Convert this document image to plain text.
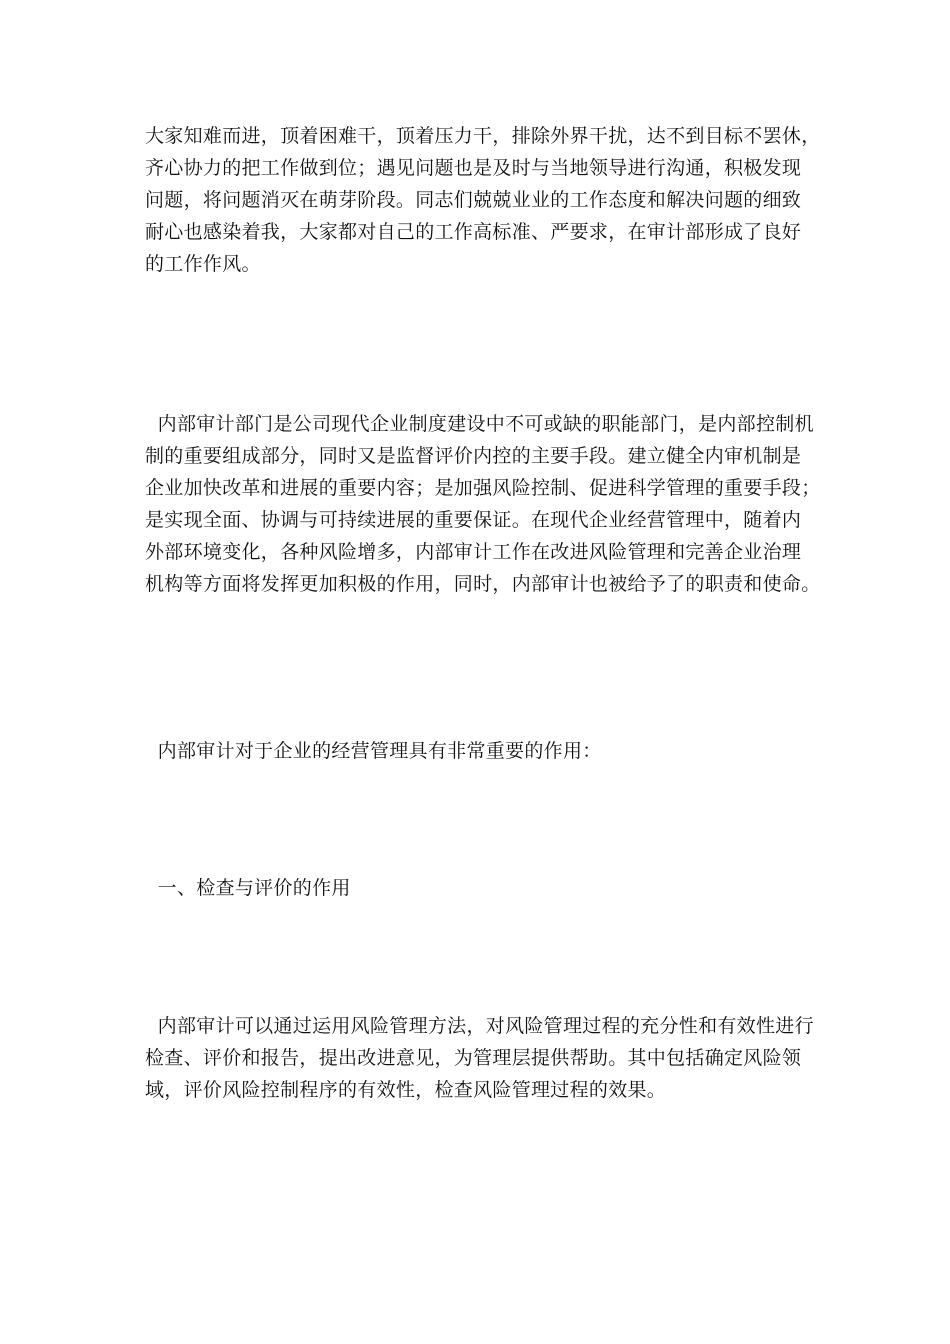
大家知难而进，顶着困难干，顶着压力干，排除外界干扰，达不到目标不罢休，
齐心协力的把工作做到位；遇见问题也是及时与当地领导进行沟通，积极发现
问题，将问题消灭在萌芽阶段。同志们兢兢业业的工作态度和解决问题的细致
耐心也感染着我，大家都对自己的工作高标准、严要求，在审计部形成了良好
的工作作风。
内部审计部门是公司现代企业制度建设中不可或缺的职能部门，是内部控制机
制的重要组成部分，同时又是监督评价内控的主要手段。建立健全内审机制是
企业加快改革和进展的重要内容；是加强风险控制、促进科学管理的重要手段；
是实现全面、协调与可持续进展的重要保证。在现代企业经营管理中，随着内
外部环境变化，各种风险增多，内部审计工作在改进风险管理和完善企业治理
机构等方面将发挥更加积极的作用，同时，内部审计也被给予了的职责和使命。
内部审计对于企业的经营管理具有非常重要的作用：
一、检查与评价的作用
内部审计可以通过运用风险管理方法，对风险管理过程的充分性和有效性进行
检查、评价和报告，提出改进意见，为管理层提供帮助。其中包括确定风险领
域，评价风险控制程序的有效性，检查风险管理过程的效果。
